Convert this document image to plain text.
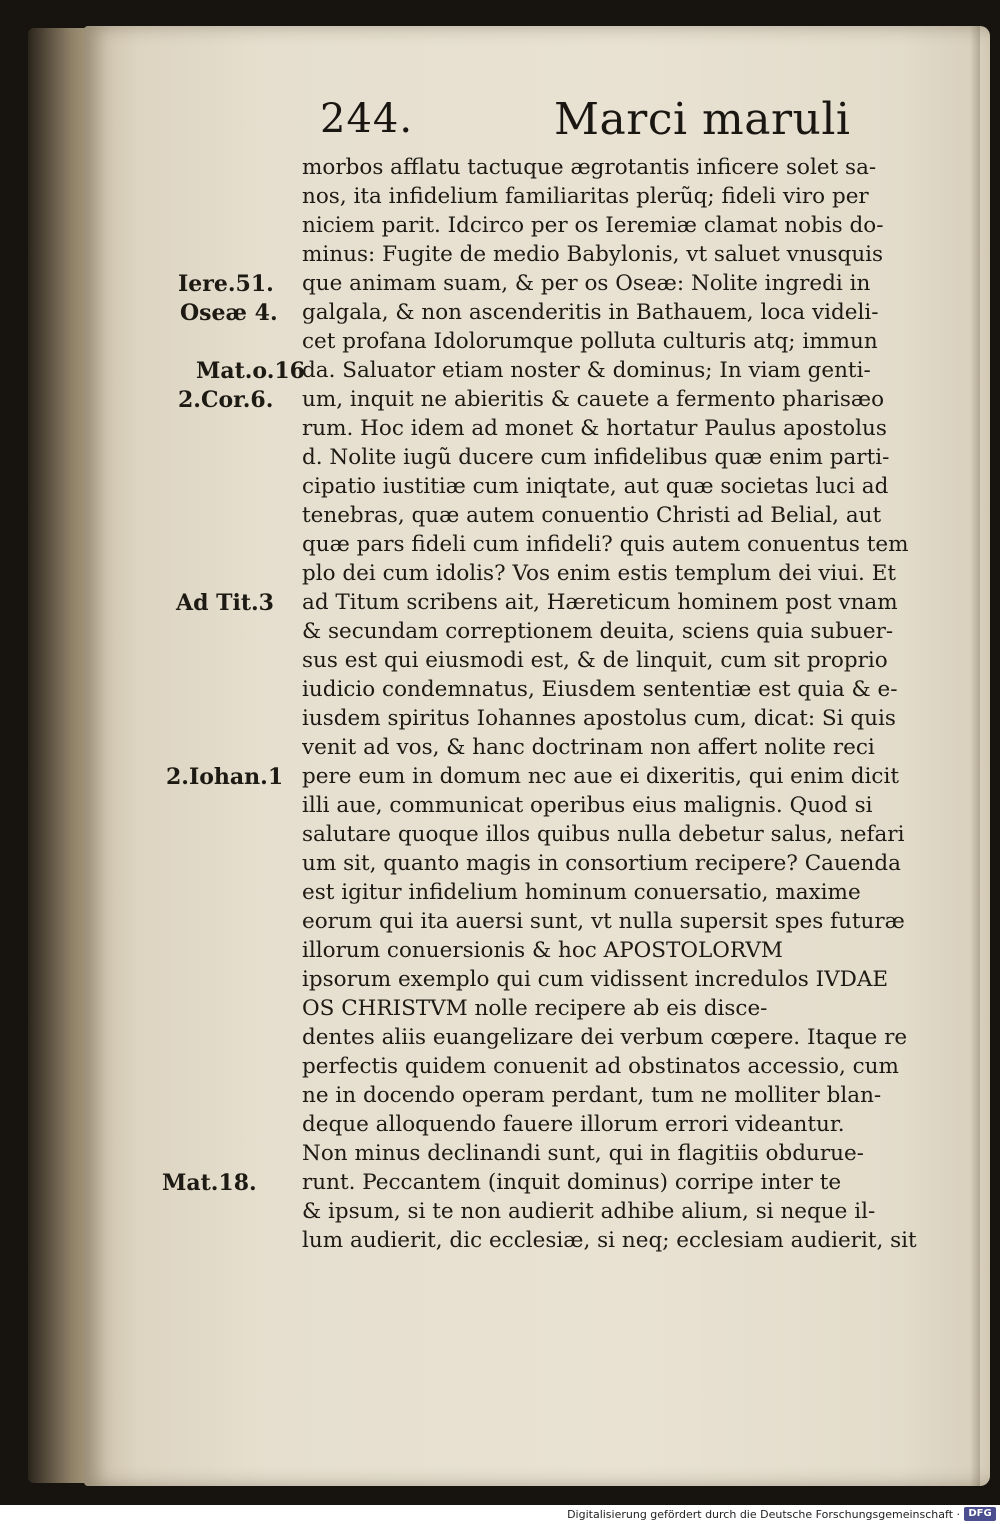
244.	Marci maruli
morbos afflatu tactuque ægrotantis inficere solet sa-
nos, ita infidelium familiaritas plerũq; fideli viro per
niciem parit. Idcirco per os Ieremiæ clamat nobis do-
minus: Fugite de medio Babylonis, vt saluet vnusquis
que animam suam, & per os Oseæ: Nolite ingredi in
galgala, & non ascenderitis in Bathauem, loca videli-
cet profana Idolorumque polluta culturis atq; immun
da. Saluator etiam noster & dominus; In viam genti-
um, inquit ne abieritis & cauete a fermento pharisæo
rum. Hoc idem ad monet & hortatur Paulus apostolus
d. Nolite iugũ ducere cum infidelibus quæ enim parti-
cipatio iustitiæ cum iniqtate, aut quæ societas luci ad
tenebras, quæ autem conuentio Christi ad Belial, aut
quæ pars fideli cum infideli? quis autem conuentus tem
plo dei cum idolis? Vos enim estis templum dei viui. Et
ad Titum scribens ait, Hæreticum hominem post vnam
& secundam correptionem deuita, sciens quia subuer-
sus est qui eiusmodi est, & de linquit, cum sit proprio
iudicio condemnatus, Eiusdem sententiæ est quia & e-
iusdem spiritus Iohannes apostolus cum, dicat: Si quis
venit ad vos, & hanc doctrinam non affert nolite reci
pere eum in domum nec aue ei dixeritis, qui enim dicit
illi aue, communicat operibus eius malignis. Quod si
salutare quoque illos quibus nulla debetur salus, nefari
um sit, quanto magis in consortium recipere? Cauenda
est igitur infidelium hominum conuersatio, maxime
eorum qui ita auersi sunt, vt nulla supersit spes futuræ
illorum conuersionis & hoc APOSTOLORVM
ipsorum exemplo qui cum vidissent incredulos IVDAE
OS CHRISTVM nolle recipere ab eis disce-
dentes aliis euangelizare dei verbum cœpere. Itaque re
perfectis quidem conuenit ad obstinatos accessio, cum
ne in docendo operam perdant, tum ne molliter blan-
deque alloquendo fauere illorum errori videantur.
Non minus declinandi sunt, qui in flagitiis obdurue-
runt. Peccantem (inquit dominus) corripe inter te
& ipsum, si te non audierit adhibe alium, si neque il-
lum audierit, dic ecclesiæ, si neq; ecclesiam audierit, sit
Iere.51.
Oseæ 4.
Mat.o.16
2.Cor.6.
Ad Tit.3
2.Iohan.1
Mat.18.
Digitalisierung gefördert durch die Deutsche Forschungsgemeinschaft · DFG
